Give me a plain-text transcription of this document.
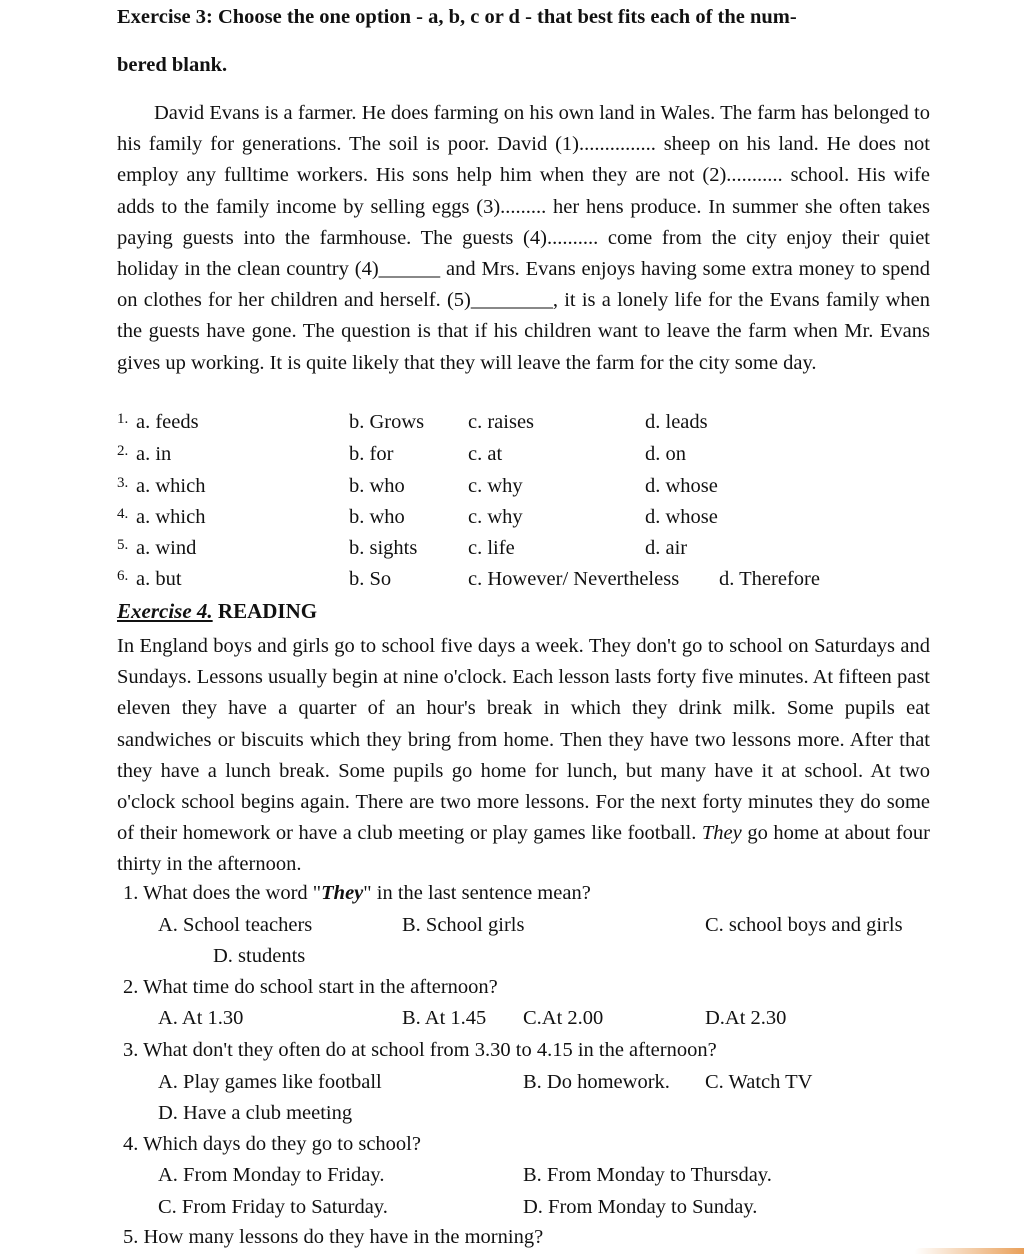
Exercise 3: Choose the one option - a, b, c or d - that best fits each of the num-
bered blank.
David Evans is a farmer. He does farming on his own land in Wales. The farm has belonged to his family for generations. The soil is poor. David (1)............... sheep on his land. He does not employ any fulltime workers. His sons help him when they are not (2)........... school. His wife adds to the family income by selling eggs (3)......... her hens produce. In summer she often takes paying guests into the farmhouse. The guests (4).......... come from the city enjoy their quiet holiday in the clean country (4)______ and Mrs. Evans enjoys having some extra money to spend on clothes for her children and herself. (5)________, it is a lonely life for the Evans family when the guests have gone. The question is that if his children want to leave the farm when Mr. Evans gives up working. It is quite likely that they will leave the farm for the city some day.
1. a. feeds	b. Grows c. raises	d. leads
2. a. in	b. for	c. at	d. on
3. a. which	b. who	c. why	d. whose
4. a. which	b. who	c. why	d. whose
5. a. wind	b. sights c. life	d. air
6. a. but	b. So	c. However/ Nevertheless d. Therefore
Exercise 4. READING
In England boys and girls go to school five days a week. They don't go to school on Saturdays and Sundays. Lessons usually begin at nine o'clock. Each lesson lasts forty five minutes. At fifteen past eleven they have a quarter of an hour's break in which they drink milk. Some pupils eat sandwiches or biscuits which they bring from home. Then they have two lessons more. After that they have a lunch break. Some pupils go home for lunch, but many have it at school. At two o'clock school begins again. There are two more lessons. For the next forty minutes they do some of their homework or have a club meeting or play games like football. They go home at about four thirty in the afternoon.
1. What does the word "They" in the last sentence mean?
A. School teachers	B. School girls	C. school boys and girls
D. students
2. What time do school start in the afternoon?
A. At 1.30	B. At 1.45 C.At 2.00	D.At 2.30
3. What don't they often do at school from 3.30 to 4.15 in the afternoon?
A. Play games like football	B. Do homework. C. Watch TV
D. Have a club meeting
4. Which days do they go to school?
A. From Monday to Friday.	B. From Monday to Thursday.
C. From Friday to Saturday.	D. From Monday to Sunday.
5. How many lessons do they have in the morning?
